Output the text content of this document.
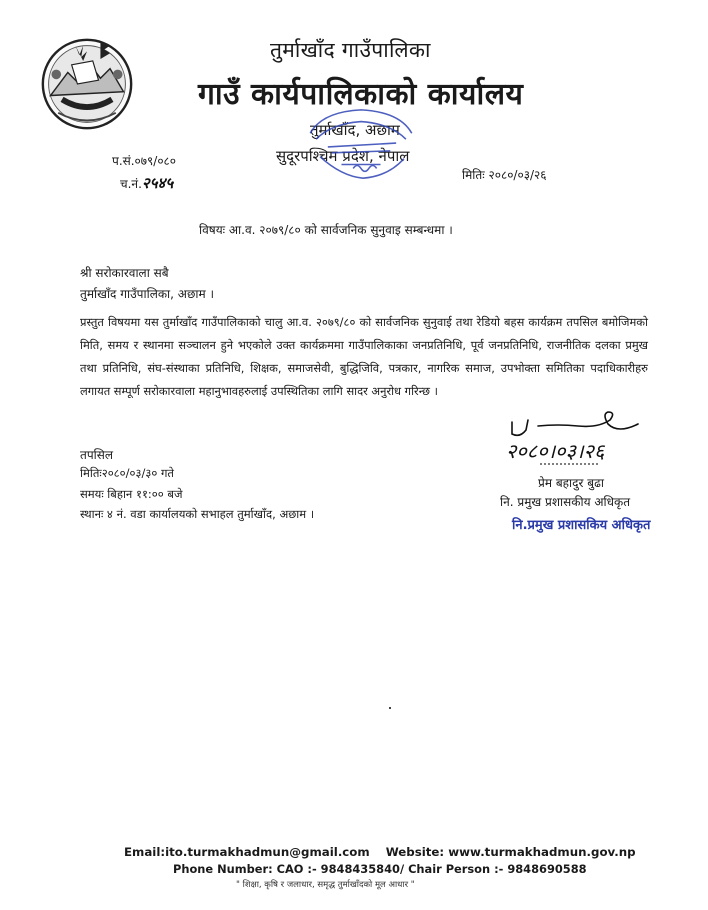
तुर्माखाँद गाउँपालिका
गाउँ कार्यपालिकाको कार्यालय
तुर्माखाँद, अछाम
सुदूरपश्चिम प्रदेश, नेपाल
प.सं.०७९/०८०
च.नं.२५४५	मितिः २०८०/०३/२६
विषयः आ.व. २०७९/८० को सार्वजनिक सुनुवाइ सम्बन्धमा ।
श्री सरोकारवाला सबै
तुर्माखाँद गाउँपालिका, अछाम ।
प्रस्तुत विषयमा यस तुर्माखाँद गाउँपालिकाको चालु आ.व. २०७९/८० को सार्वजनिक सुनुवाई तथा रेडियो बहस कार्यक्रम तपसिल बमोजिमको मिति, समय र स्थानमा सञ्चालन हुने भएकोले उक्त कार्यक्रममा गाउँपालिकाका जनप्रतिनिधि, पूर्व जनप्रतिनिधि, राजनीतिक दलका प्रमुख तथा प्रतिनिधि, संघ-संस्थाका प्रतिनिधि, शिक्षक, समाजसेवी, बुद्धिजिवि, पत्रकार, नागरिक समाज, उपभोक्ता समितिका पदाधिकारीहरु लगायत सम्पूर्ण सरोकारवाला महानुभावहरुलाई उपस्थितिका लागि सादर अनुरोध गरिन्छ ।
२०८०।०३।२६
प्रेम बहादुर बुढा
नि. प्रमुख प्रशासकीय अधिकृत
नि.प्रमुख प्रशासकिय अधिकृत
तपसिल
मितिः२०८०/०३/३० गते
समयः बिहान ११:०० बजे
स्थानः ४ नं. वडा कार्यालयको सभाहल तुर्माखाँद, अछाम ।
Email:ito.turmakhadmun@gmail.com Website: www.turmakhadmun.gov.np
Phone Number: CAO :- 9848435840/ Chair Person :- 9848690588
" शिक्षा, कृषि र जलाधार, समृद्ध तुर्माखाँदको मूल आधार "
